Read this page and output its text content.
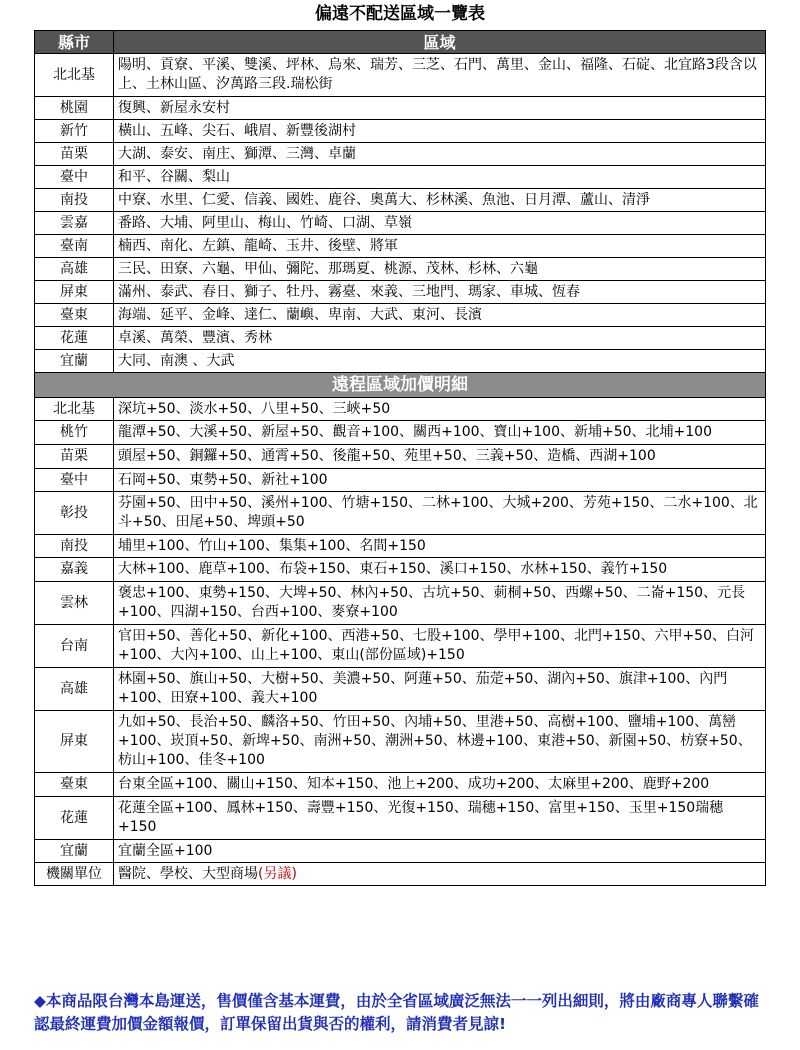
偏遠不配送區域一覽表
縣市	區域
北北基	陽明、貢寮、平溪、雙溪、坪林、烏來、瑞芳、三芝、石門、萬里、金山、福隆、石碇、北宜路3段含以上、土林山區、汐萬路三段.瑞松街
桃園	復興、新屋永安村
新竹	橫山、五峰、尖石、峨眉、新豐後湖村
苗栗	大湖、泰安、南庄、獅潭、三灣、卓蘭
臺中	和平、谷關、梨山
南投	中寮、水里、仁愛、信義、國姓、鹿谷、奧萬大、杉林溪、魚池、日月潭、蘆山、清淨
雲嘉	番路、大埔、阿里山、梅山、竹崎、口湖、草嶺
臺南	楠西、南化、左鎮、龍崎、玉井、後壁、將軍
高雄	三民、田寮、六龜、甲仙、彌陀、那瑪夏、桃源、茂林、杉林、六龜
屏東	滿州、泰武、春日、獅子、牡丹、霧臺、來義、三地門、瑪家、車城、恆春
臺東	海端、延平、金峰、達仁、蘭嶼、卑南、大武、東河、長濱
花蓮	卓溪、萬榮、豐濱、秀林
宜蘭	大同、南澳 、大武
遠程區域加價明細	
北北基	深坑+50、淡水+50、八里+50、三峽+50
桃竹	龍潭+50、大溪+50、新屋+50、觀音+100、關西+100、寶山+100、新埔+50、北埔+100
苗栗	頭屋+50、銅鑼+50、通霄+50、後龍+50、苑里+50、三義+50、造橋、西湖+100
臺中	石岡+50、東勢+50、新社+100
彰投	芬園+50、田中+50、溪州+100、竹塘+150、二林+100、大城+200、芳苑+150、二水+100、北斗+50、田尾+50、埤頭+50
南投	埔里+100、竹山+100、集集+100、名間+150
嘉義	大林+100、鹿草+100、布袋+150、東石+150、溪口+150、水林+150、義竹+150
雲林	褒忠+100、東勢+150、大埤+50、林內+50、古坑+50、莿桐+50、西螺+50、二崙+150、元長+100、四湖+150、台西+100、麥寮+100
台南	官田+50、善化+50、新化+100、西港+50、七股+100、學甲+100、北門+150、六甲+50、白河+100、大內+100、山上+100、東山(部份區域)+150
高雄	林園+50、旗山+50、大樹+50、美濃+50、阿蓮+50、茄萣+50、湖內+50、旗津+100、內門+100、田寮+100、義大+100
屏東	九如+50、長治+50、麟洛+50、竹田+50、內埔+50、里港+50、高樹+100、鹽埔+100、萬巒+100、崁頂+50、新埤+50、南洲+50、潮洲+50、林邊+100、東港+50、新園+50、枋寮+50、枋山+100、佳冬+100
臺東	台東全區+100、關山+150、知本+150、池上+200、成功+200、太麻里+200、鹿野+200
花蓮	花蓮全區+100、鳳林+150、壽豐+150、光復+150、瑞穗+150、富里+150、玉里+150瑞穗+150
宜蘭	宜蘭全區+100
機關單位	醫院、學校、大型商場(另議)
◆本商品限台灣本島運送，售價僅含基本運費，由於全省區域廣泛無法一一列出細則，將由廠商專人聯繫確認最終運費加價金額報價，訂單保留出貨與否的權利，請消費者見諒!
